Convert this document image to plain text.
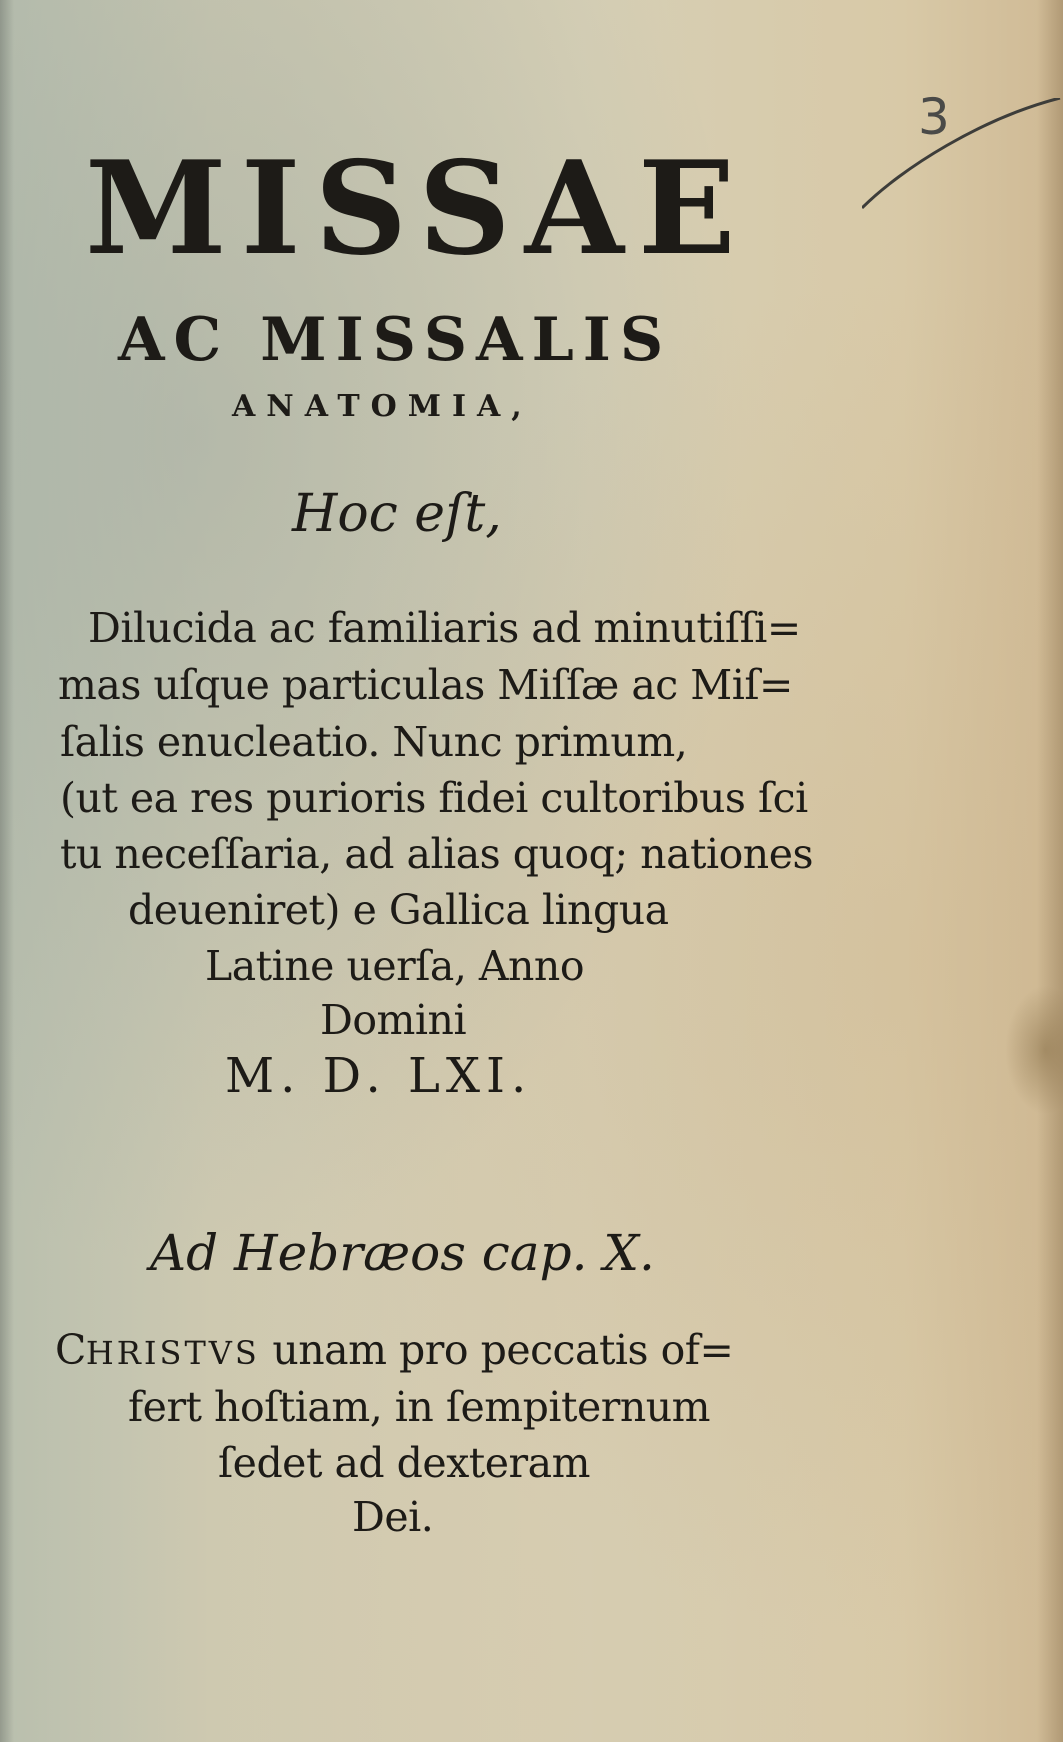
3
MISSAE
AC MISSALIS
ANATOMIA,
Hoc eſt,
Dilucida ac familiaris ad minutiſſi=
mas uſque particulas Miſſæ ac Miſ=
ſalis enucleatio. Nunc primum,
(ut ea res purioris fidei cultoribus ſci
tu neceſſaria, ad alias quoq; nationes
deueniret) e Gallica lingua
Latine uerſa, Anno
Domini
M. D. LXI.
Ad Hebræos cap. X.
CHRISTVS unam pro peccatis of=
fert hoſtiam, in ſempiternum
ſedet ad dexteram
Dei.
